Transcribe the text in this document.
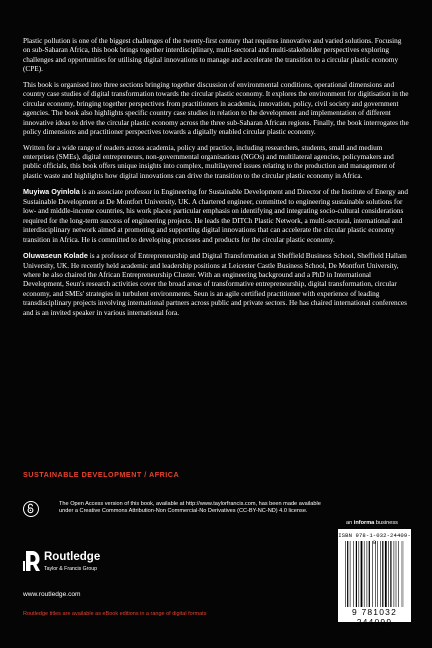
Plastic pollution is one of the biggest challenges of the twenty-first century that requires innovative and varied solutions. Focusing on sub-Saharan Africa, this book brings together interdisciplinary, multi-sectoral and multi-stakeholder perspectives exploring challenges and opportunities for utilising digital innovations to manage and accelerate the transition to a circular plastic economy (CPE).

This book is organised into three sections bringing together discussion of environmental conditions, operational dimensions and country case studies of digital transformation towards the circular plastic economy. It explores the environment for digitisation in the circular economy, bringing together perspectives from practitioners in academia, innovation, policy, civil society and government agencies. The book also highlights specific country case studies in relation to the development and implementation of different innovative ideas to drive the circular plastic economy across the three sub-Saharan African regions. Finally, the book interrogates the policy dimensions and practitioner perspectives towards a digitally enabled circular plastic economy.

Written for a wide range of readers across academia, policy and practice, including researchers, students, small and medium enterprises (SMEs), digital entrepreneurs, non-governmental organisations (NGOs) and multilateral agencies, policymakers and public officials, this book offers unique insights into complex, multilayered issues relating to the production and management of plastic waste and highlights how digital innovations can drive the transition to the circular plastic economy in Africa.

Muyiwa Oyinlola is an associate professor in Engineering for Sustainable Development and Director of the Institute of Energy and Sustainable Development at De Montfort University, UK. A chartered engineer, committed to engineering sustainable solutions for low- and middle-income countries, his work places particular emphasis on identifying and integrating socio-cultural considerations required for the long-term success of engineering projects. He leads the DITCh Plastic Network, a multi-sectoral, international and interdisciplinary network aimed at promoting and supporting digital innovations that can accelerate the circular plastic economy transition in Africa. He is committed to developing processes and products for the circular plastic economy.

Oluwaseun Kolade is a professor of Entrepreneurship and Digital Transformation at Sheffield Business School, Sheffield Hallam University, UK. He recently held academic and leadership positions at Leicester Castle Business School, De Montfort University, where he also chaired the African Entrepreneurship Cluster. With an engineering background and a PhD in International Development, Seun's research activities cover the broad areas of transformative entrepreneurship, digital transformation, circular economy, and SMEs' strategies in turbulent environments. Seun is an agile certified practitioner with experience of leading transdisciplinary projects involving international partners across public and private sectors. He has chaired international conferences and is an invited speaker in various international fora.

SUSTAINABLE DEVELOPMENT / AFRICA
The Open Access version of this book, available at http://www.taylorfrancis.com, has been made available under a Creative Commons Attribution-Non Commercial-No Derivatives (CC-BY-NC-ND) 4.0 license.
Routledge
Taylor & Francis Group
www.routledge.com
Routledge titles are available as eBook editions in a range of digital formats
an informa business
ISBN 978-1-032-24409-9
9 781032 244099
